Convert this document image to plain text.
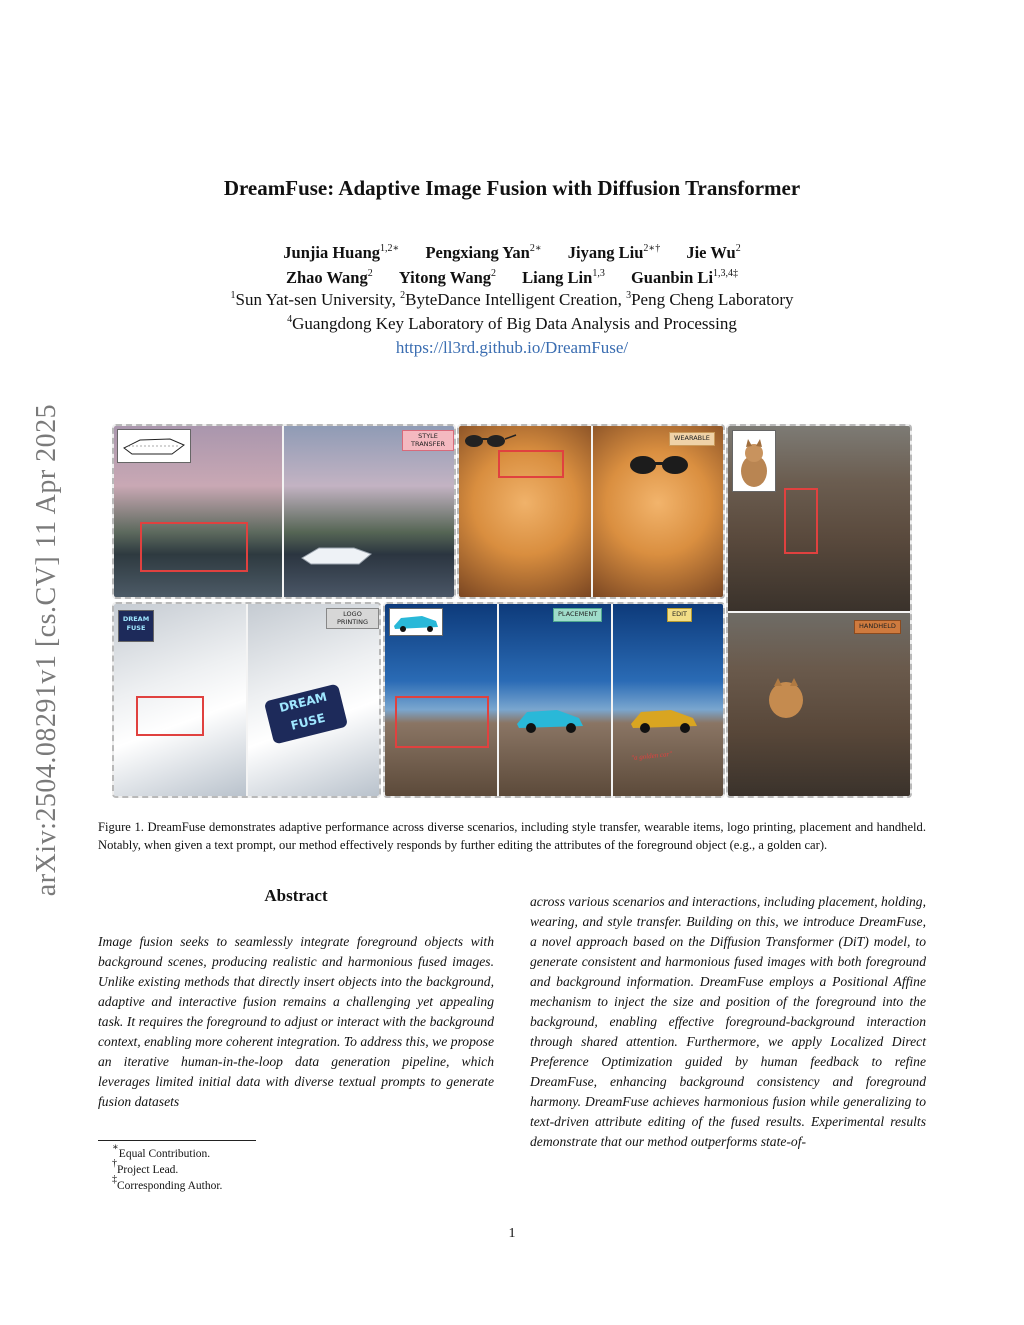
arXiv:2504.08291v1 [cs.CV] 11 Apr 2025
DreamFuse: Adaptive Image Fusion with Diffusion Transformer
Junjia Huang$^{1,2∗}$ Pengxiang Yan$^{2∗}$ Jiyang Liu$^{2∗\dagger}$ Jie Wu$^2$
Zhao Wang$^2$ Yitong Wang$^2$ Liang Lin$^{1,3}$ Guanbin $Li^{1,3,4\ddagger}$
$^1$Sun Yat-sen University, $^2$ByteDance Intelligent Creation, $^3$Peng Cheng Laboratory
$^4$Guangdong Key Laboratory of Big Data Analysis and Processing
https://ll3rd.github.io/DreamFuse/
STYLE TRANSFER
WEARABLE
HANDHELD
DREAM FUSE
DREAM FUSE
LOGO PRINTING
"a golden car"
PLACEMENT	EDIT
Figure 1. DreamFuse demonstrates adaptive performance across diverse scenarios, including style transfer, wearable items, logo printing, placement and handheld. Notably, when given a text prompt, our method effectively responds by further editing the attributes of the foreground object (e.g., a golden car).
Abstract
Image fusion seeks to seamlessly integrate foreground objects with background scenes, producing realistic and harmonious fused images. Unlike existing methods that directly insert objects into the background, adaptive and interactive fusion remains a challenging yet appealing task. It requires the foreground to adjust or interact with the background context, enabling more coherent integration. To address this, we propose an iterative human-in-the-loop data generation pipeline, which leverages limited initial data with diverse textual prompts to generate fusion datasets
across various scenarios and interactions, including placement, holding, wearing, and style transfer. Building on this, we introduce DreamFuse, a novel approach based on the Diffusion Transformer (DiT) model, to generate consistent and harmonious fused images with both foreground and background information. DreamFuse employs a Positional Affine mechanism to inject the size and position of the foreground into the background, enabling effective foreground-background interaction through shared attention. Furthermore, we apply Localized Direct Preference Optimization guided by human feedback to refine DreamFuse, enhancing background consistency and foreground harmony. DreamFuse achieves harmonious fusion while generalizing to text-driven attribute editing of the fused results. Experimental results demonstrate that our method outperforms state-of-
∗Equal Contribution.
†Project Lead.
‡Corresponding Author.
1
